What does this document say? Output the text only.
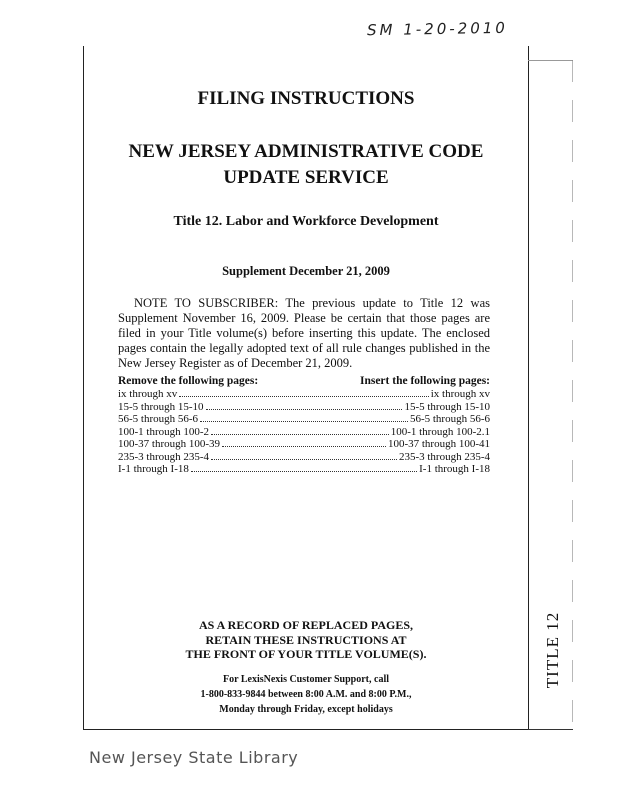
SM 1-20-2010
TITLE 12
FILING INSTRUCTIONS
NEW JERSEY ADMINISTRATIVE CODE
UPDATE SERVICE
Title 12. Labor and Workforce Development
Supplement December 21, 2009
NOTE TO SUBSCRIBER: The previous update to Title 12 was Supplement November 16, 2009. Please be certain that those pages are filed in your Title volume(s) before inserting this update. The enclosed pages contain the legally adopted text of all rule changes published in the New Jersey Register as of December 21, 2009.
Remove the following pages:	Insert the following pages:
ix through xv	ix through xv
15-5 through 15-10	15-5 through 15-10
56-5 through 56-6	56-5 through 56-6
100-1 through 100-2	100-1 through 100-2.1
100-37 through 100-39	100-37 through 100-41
235-3 through 235-4	235-3 through 235-4
I-1 through I-18	I-1 through I-18
AS A RECORD OF REPLACED PAGES,
RETAIN THESE INSTRUCTIONS AT
THE FRONT OF YOUR TITLE VOLUME(S).
For LexisNexis Customer Support, call
1-800-833-9844 between 8:00 A.M. and 8:00 P.M.,
Monday through Friday, except holidays
New Jersey State Library
